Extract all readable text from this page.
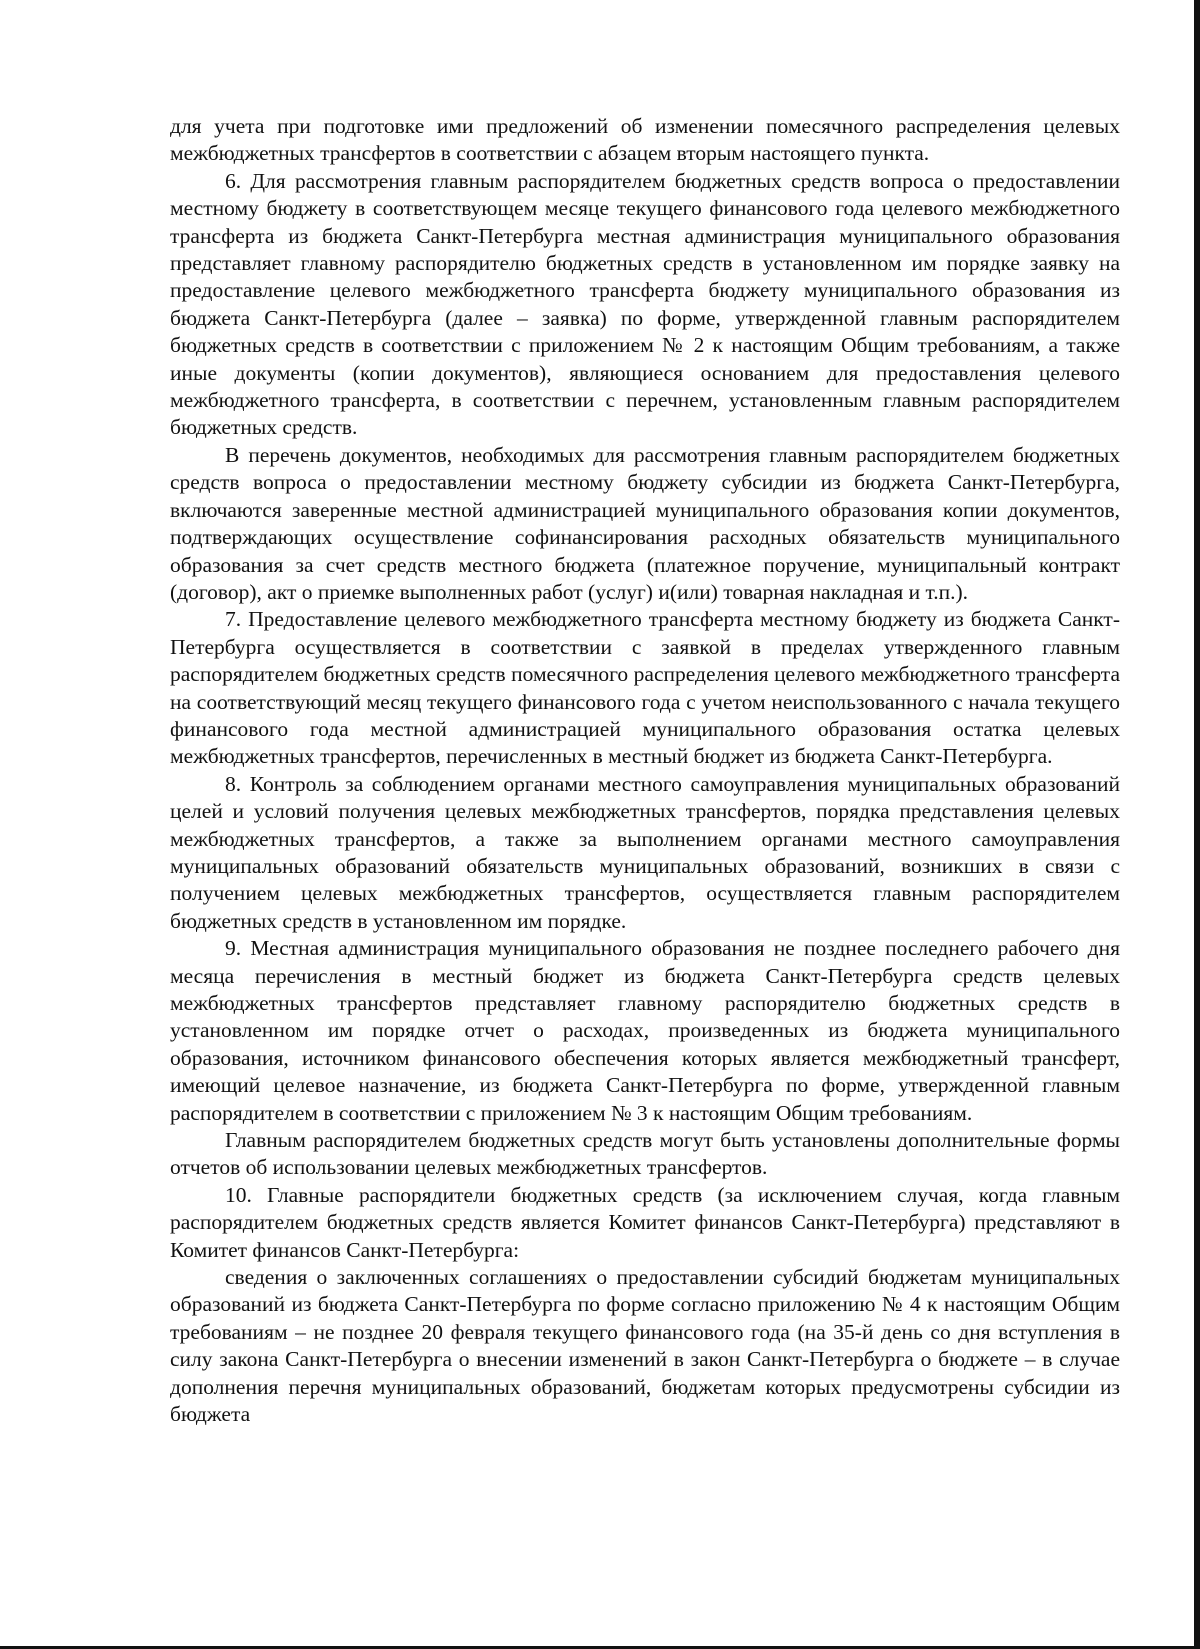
для учета при подготовке ими предложений об изменении помесячного распределения целевых межбюджетных трансфертов в соответствии с абзацем вторым настоящего пункта.

6. Для рассмотрения главным распорядителем бюджетных средств вопроса о предоставлении местному бюджету в соответствующем месяце текущего финансового года целевого межбюджетного трансферта из бюджета Санкт-Петербурга местная администрация муниципального образования представляет главному распорядителю бюджетных средств в установленном им порядке заявку на предоставление целевого межбюджетного трансферта бюджету муниципального образования из бюджета Санкт-Петербурга (далее – заявка) по форме, утвержденной главным распорядителем бюджетных средств в соответствии с приложением № 2 к настоящим Общим требованиям, а также иные документы (копии документов), являющиеся основанием для предоставления целевого межбюджетного трансферта, в соответствии с перечнем, установленным главным распорядителем бюджетных средств.

В перечень документов, необходимых для рассмотрения главным распорядителем бюджетных средств вопроса о предоставлении местному бюджету субсидии из бюджета Санкт-Петербурга, включаются заверенные местной администрацией муниципального образования копии документов, подтверждающих осуществление софинансирования расходных обязательств муниципального образования за счет средств местного бюджета (платежное поручение, муниципальный контракт (договор), акт о приемке выполненных работ (услуг) и(или) товарная накладная и т.п.).

7. Предоставление целевого межбюджетного трансферта местному бюджету из бюджета Санкт-Петербурга осуществляется в соответствии с заявкой в пределах утвержденного главным распорядителем бюджетных средств помесячного распределения целевого межбюджетного трансферта на соответствующий месяц текущего финансового года с учетом неиспользованного с начала текущего финансового года местной администрацией муниципального образования остатка целевых межбюджетных трансфертов, перечисленных в местный бюджет из бюджета Санкт-Петербурга.

8. Контроль за соблюдением органами местного самоуправления муниципальных образований целей и условий получения целевых межбюджетных трансфертов, порядка представления целевых межбюджетных трансфертов, а также за выполнением органами местного самоуправления муниципальных образований обязательств муниципальных образований, возникших в связи с получением целевых межбюджетных трансфертов, осуществляется главным распорядителем бюджетных средств в установленном им порядке.

9. Местная администрация муниципального образования не позднее последнего рабочего дня месяца перечисления в местный бюджет из бюджета Санкт-Петербурга средств целевых межбюджетных трансфертов представляет главному распорядителю бюджетных средств в установленном им порядке отчет о расходах, произведенных из бюджета муниципального образования, источником финансового обеспечения которых является межбюджетный трансферт, имеющий целевое назначение, из бюджета Санкт-Петербурга по форме, утвержденной главным распорядителем в соответствии с приложением № 3 к настоящим Общим требованиям.

Главным распорядителем бюджетных средств могут быть установлены дополнительные формы отчетов об использовании целевых межбюджетных трансфертов.

10. Главные распорядители бюджетных средств (за исключением случая, когда главным распорядителем бюджетных средств является Комитет финансов Санкт-Петербурга) представляют в Комитет финансов Санкт-Петербурга:

сведения о заключенных соглашениях о предоставлении субсидий бюджетам муниципальных образований из бюджета Санкт-Петербурга по форме согласно приложению № 4 к настоящим Общим требованиям – не позднее 20 февраля текущего финансового года (на 35-й день со дня вступления в силу закона Санкт-Петербурга о внесении изменений в закон Санкт-Петербурга о бюджете – в случае дополнения перечня муниципальных образований, бюджетам которых предусмотрены субсидии из бюджета
